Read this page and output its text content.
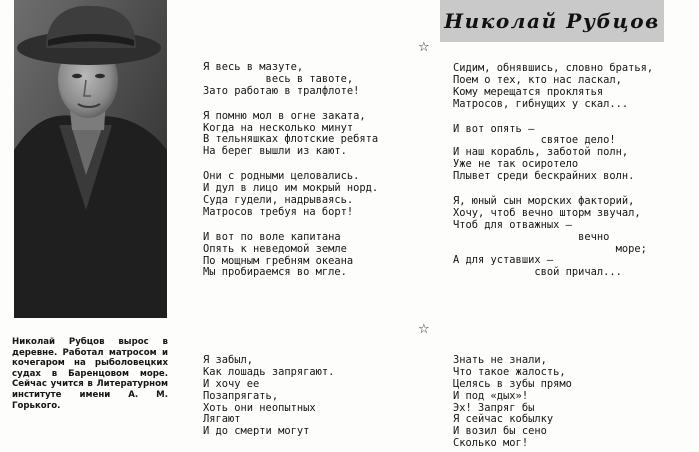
Николай Рубцов вырос в деревне. Работал матросом и кочегаром на рыболовецких судах в Баренцовом море. Сейчас учится в Литературном институте имени А. М. Горького.
Николай Рубцов
☆
☆
Я весь в мазуте,
весь в тавоте,
Зато работаю в тралфлоте!
Я помню мол в огне заката,
Когда на несколько минут
В тельняшках флотские ребята
На берег вышли из кают.
Они с родными целовались.
И дул в лицо им мокрый норд.
Суда гудели, надрываясь.
Матросов требуя на борт!
И вот по воле капитана
Опять к неведомой земле
По мощным гребням океана
Мы пробираемся во мгле.
Сидим, обнявшись, словно братья,
Поем о тех, кто нас ласкал,
Кому мерещатся проклятья
Матросов, гибнущих у скал...
И вот опять —
святое дело!
И наш корабль, заботой полн,
Уже не так осиротело
Плывет среди бескрайних волн.
Я, юный сын морских факторий,
Хочу, чтоб вечно шторм звучал,
Чтоб для отважных —
вечно
море;
А для уставших —
свой причал...
Я забыл,
Как лошадь запрягают.
И хочу ее
Позапрягать,
Хоть они неопытных
Лягают
И до смерти могут
Знать не знали,
Что такое жалость,
Целясь в зубы прямо
И под «дых»!
Эх! Запряг бы
Я сейчас кобылку
И возил бы сено
Сколько мог!
